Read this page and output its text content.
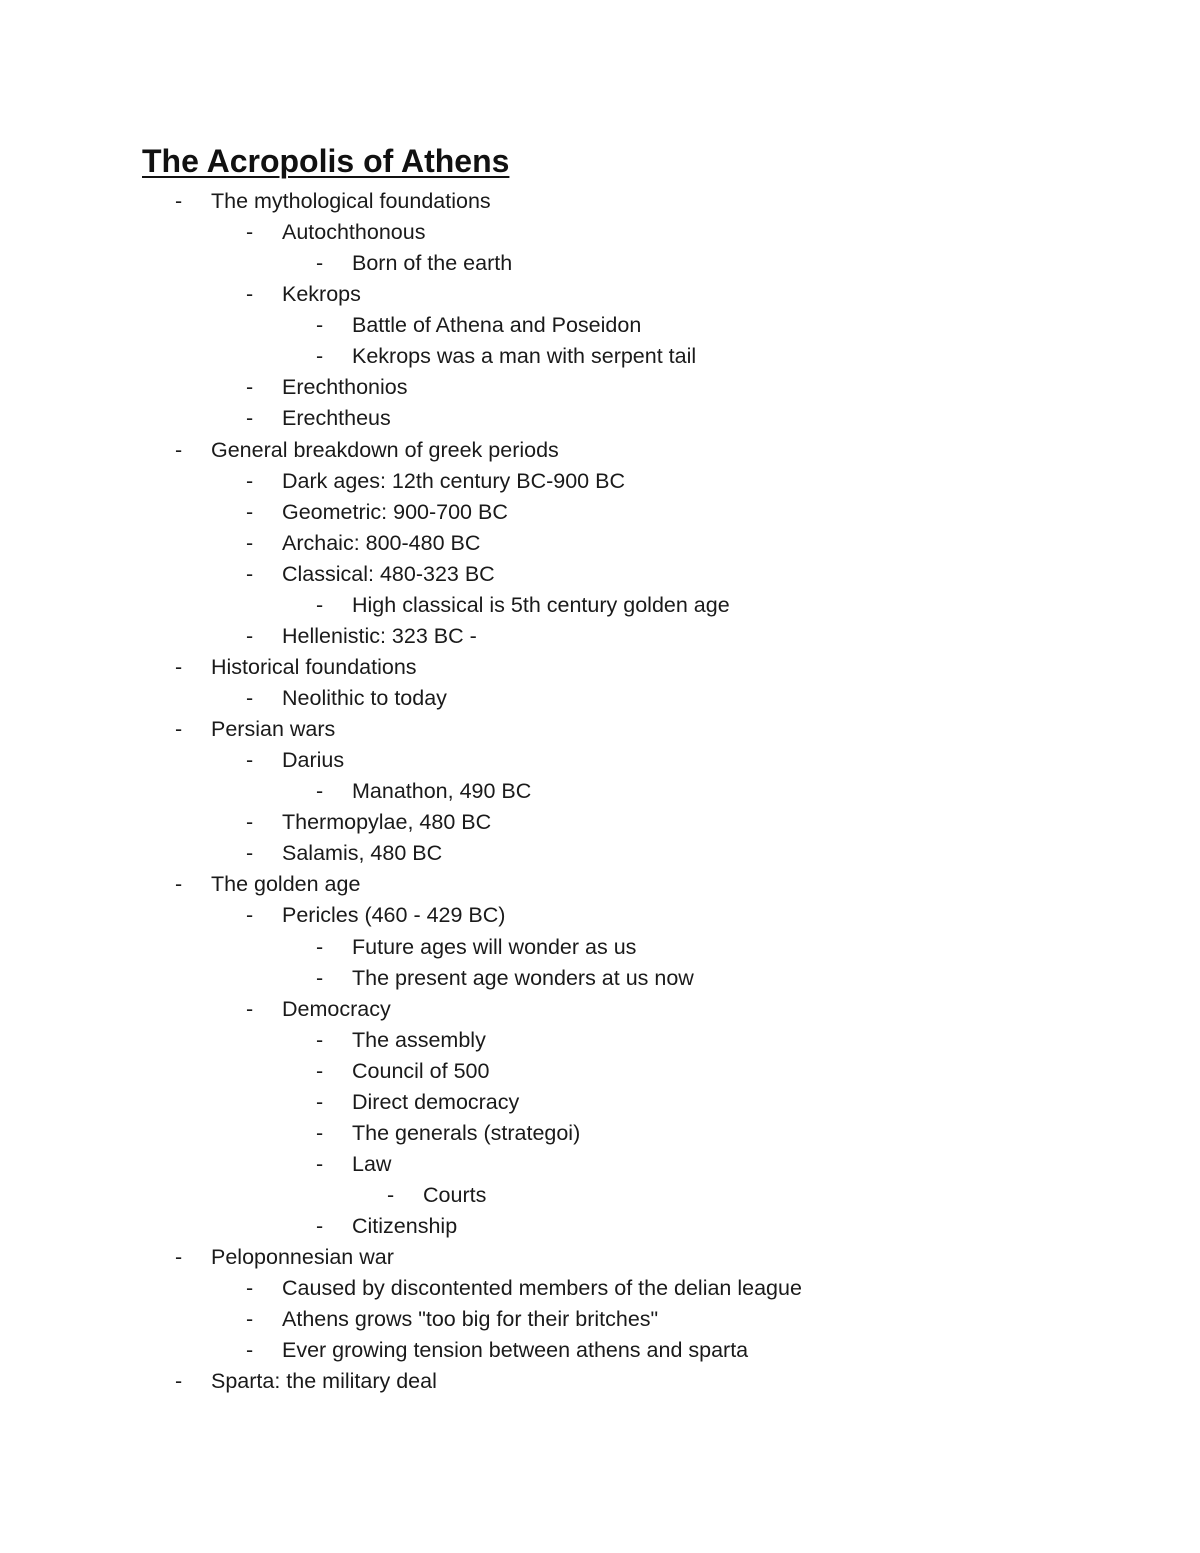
The Acropolis of Athens
- The mythological foundations
- Autochthonous
- Born of the earth
- Kekrops
- Battle of Athena and Poseidon
- Kekrops was a man with serpent tail
- Erechthonios
- Erechtheus
- General breakdown of greek periods
- Dark ages: 12th century BC-900 BC
- Geometric: 900-700 BC
- Archaic: 800-480 BC
- Classical: 480-323 BC
- High classical is 5th century golden age
- Hellenistic: 323 BC -
- Historical foundations
- Neolithic to today
- Persian wars
- Darius
- Manathon, 490 BC
- Thermopylae, 480 BC
- Salamis, 480 BC
- The golden age
- Pericles (460 - 429 BC)
- Future ages will wonder as us
- The present age wonders at us now
- Democracy
- The assembly
- Council of 500
- Direct democracy
- The generals (strategoi)
- Law
- Courts
- Citizenship
- Peloponnesian war
- Caused by discontented members of the delian league
- Athens grows "too big for their britches"
- Ever growing tension between athens and sparta
- Sparta: the military deal
